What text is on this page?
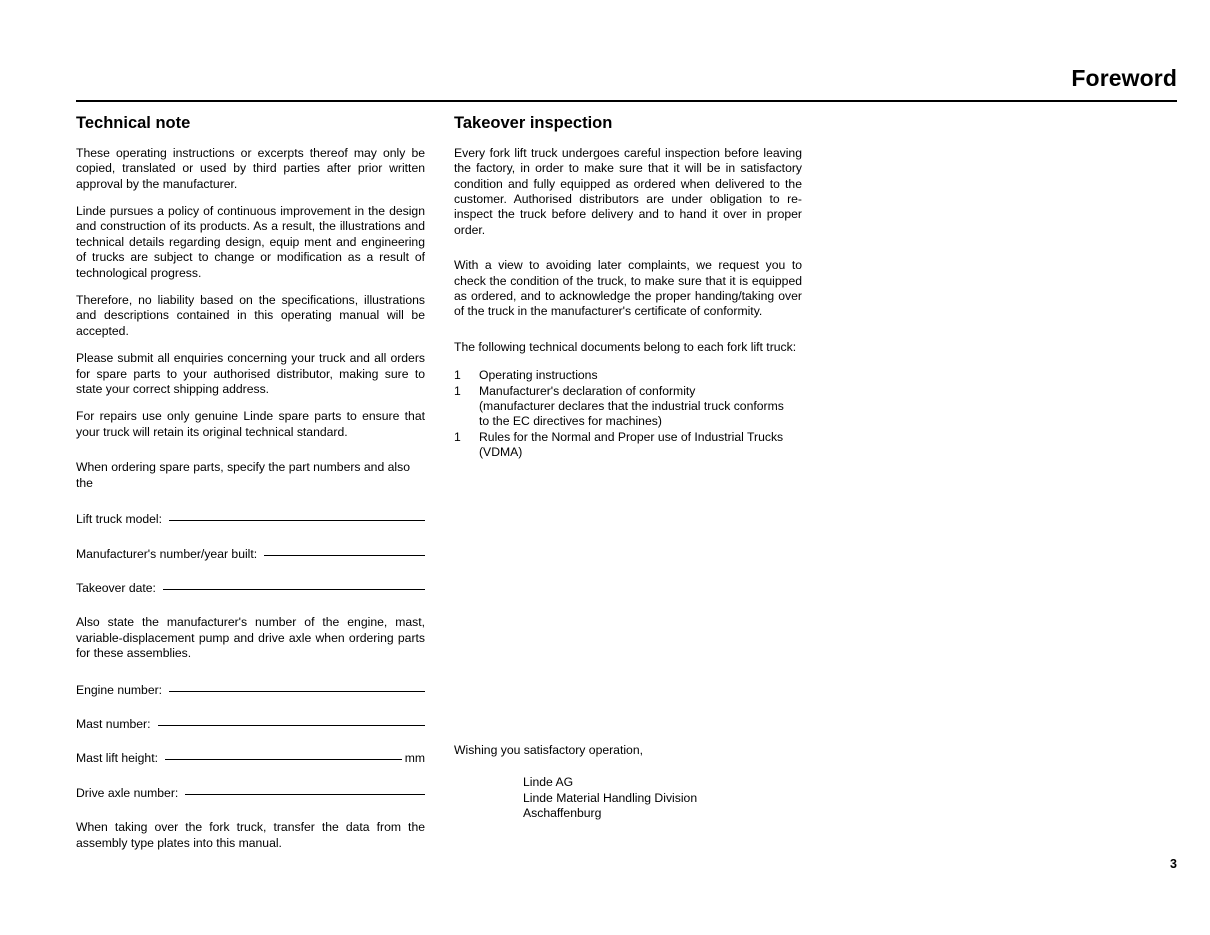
Foreword
Technical note

These operating instructions or excerpts thereof may only be copied, translated or used by third parties after prior written approval by the manufacturer.

Linde pursues a policy of continuous improvement in the design and construction of its products. As a result, the illustrations and technical details regarding design, equip ment and engineering of trucks are subject to change or modification as a result of technological progress.

Therefore, no liability based on the specifications, illustrations and descriptions contained in this operating manual will be accepted.

Please submit all enquiries concerning your truck and all orders for spare parts to your authorised distributor, making sure to state your correct shipping address.

For repairs use only genuine Linde spare parts to ensure that your truck will retain its original technical standard.

When ordering spare parts, specify the part numbers and also the

Lift truck model:
Manufacturer's number/year built:
Takeover date:

Also state the manufacturer's number of the engine, mast, variable-displacement pump and drive axle when ordering parts for these assemblies.

Engine number:
Mast number:
Mast lift height:	mm
Drive axle number:

When taking over the fork truck, transfer the data from the assembly type plates into this manual.

Takeover inspection

Every fork lift truck undergoes careful inspection before leaving the factory, in order to make sure that it will be in satisfactory condition and fully equipped as ordered when delivered to the customer. Authorised distributors are under obligation to re-inspect the truck before delivery and to hand it over in proper order.

With a view to avoiding later complaints, we request you to check the condition of the truck, to make sure that it is equipped as ordered, and to acknowledge the proper handing/taking over of the truck in the manufacturer's certificate of conformity.

The following technical documents belong to each fork lift truck:

1	Operating instructions
1	Manufacturer's declaration of conformity
(manufacturer declares that the industrial truck conforms
to the EC directives for machines)
1	Rules for the Normal and Proper use of Industrial Trucks
(VDMA)
Wishing you satisfactory operation,
Linde AG
Linde Material Handling Division
Aschaffenburg
3
